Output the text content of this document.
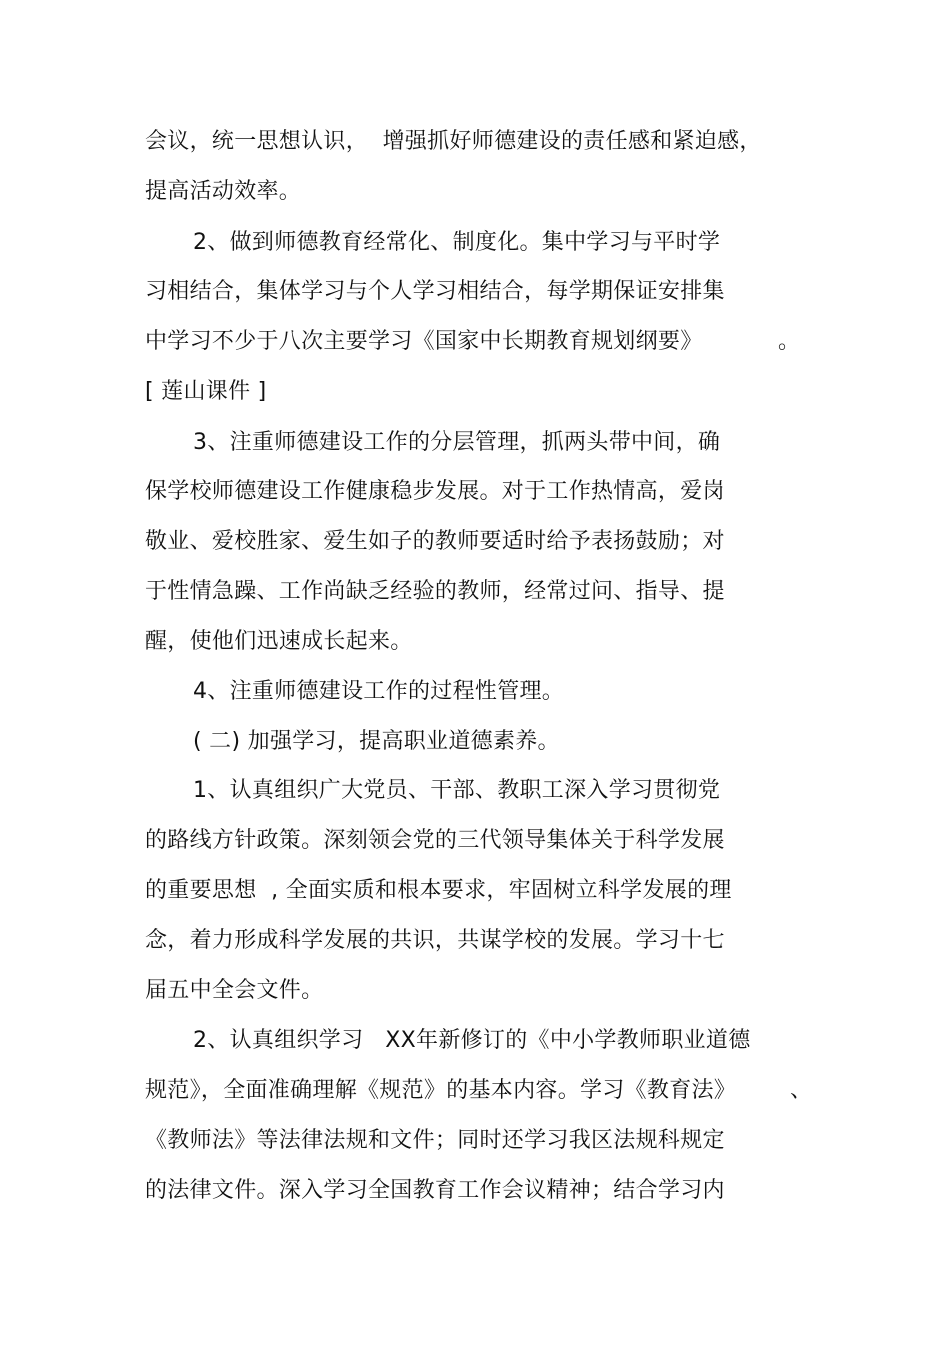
会议，统一思想认识，  增强抓好师德建设的责任感和紧迫感，
提高活动效率。
2、做到师德教育经常化、制度化。集中学习与平时学
习相结合，集体学习与个人学习相结合，每学期保证安排集
中学习不少于八次主要学习《国家中长期教育规划纲要》	。
[ 莲山课件 ]
3、注重师德建设工作的分层管理，抓两头带中间，确
保学校师德建设工作健康稳步发展。对于工作热情高，爱岗
敬业、爱校胜家、爱生如子的教师要适时给予表扬鼓励；对
于性情急躁、工作尚缺乏经验的教师，经常过问、指导、提
醒，使他们迅速成长起来。
4、注重师德建设工作的过程性管理。
( 二) 加强学习，提高职业道德素养。
1、认真组织广大党员、干部、教职工深入学习贯彻党
的路线方针政策。深刻领会党的三代领导集体关于科学发展
的重要思想  , 全面实质和根本要求，牢固树立科学发展的理
念，着力形成科学发展的共识，共谋学校的发展。学习十七
届五中全会文件。
2、认真组织学习   XX年新修订的《中小学教师职业道德
规范》，全面准确理解《规范》的基本内容。学习《教育法》 、
《教师法》等法律法规和文件；同时还学习我区法规科规定
的法律文件。深入学习全国教育工作会议精神；结合学习内
